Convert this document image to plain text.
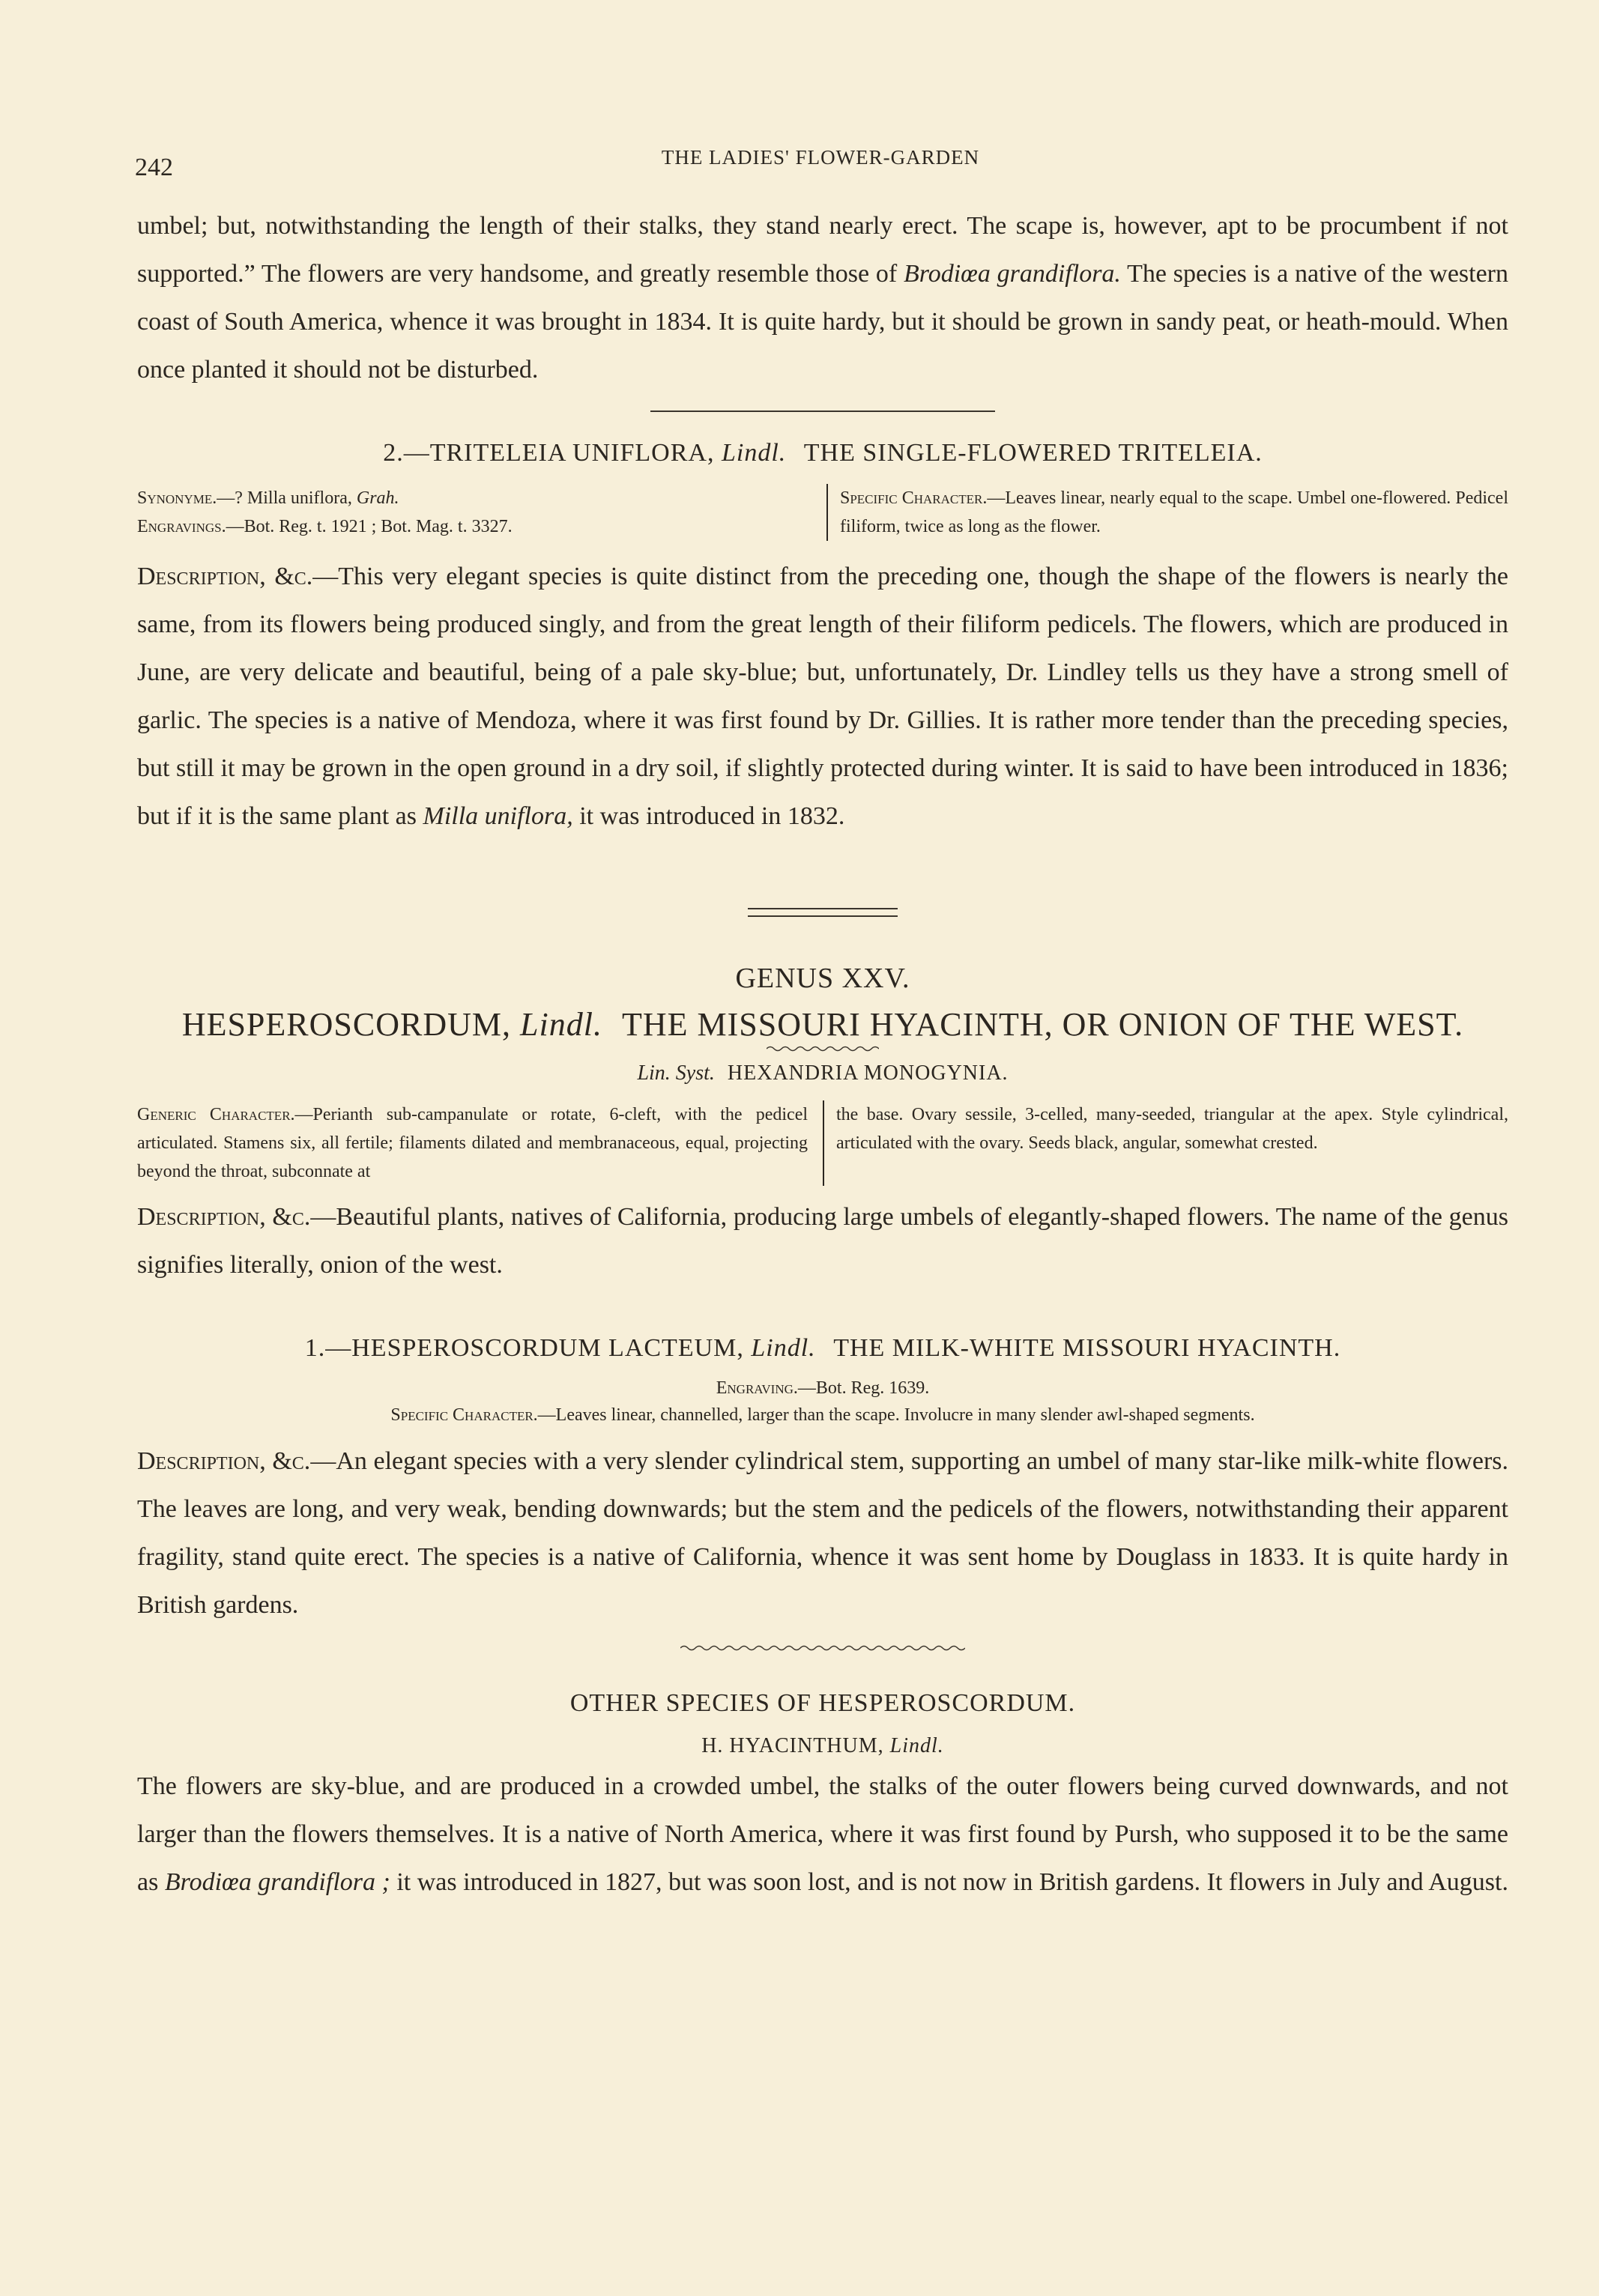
242	THE LADIES' FLOWER-GARDEN

umbel; but, notwithstanding the length of their stalks, they stand nearly erect. The scape is, however, apt to be procumbent if not supported.” The flowers are very handsome, and greatly resemble those of Brodiœa grandiflora. The species is a native of the western coast of South America, whence it was brought in 1834. It is quite hardy, but it should be grown in sandy peat, or heath-mould. When once planted it should not be disturbed.

2.—TRITELEIA UNIFLORA, Lindl. THE SINGLE-FLOWERED TRITELEIA.
Synonyme.—? Milla uniflora, Grah.
Engravings.—Bot. Reg. t. 1921 ; Bot. Mag. t. 3327.
Specific Character.—Leaves linear, nearly equal to the scape. Umbel one-flowered. Pedicel filiform, twice as long as the flower.

Description, &c.—This very elegant species is quite distinct from the preceding one, though the shape of the flowers is nearly the same, from its flowers being produced singly, and from the great length of their filiform pedicels. The flowers, which are produced in June, are very delicate and beautiful, being of a pale sky-blue; but, unfortunately, Dr. Lindley tells us they have a strong smell of garlic. The species is a native of Mendoza, where it was first found by Dr. Gillies. It is rather more tender than the preceding species, but still it may be grown in the open ground in a dry soil, if slightly protected during winter. It is said to have been introduced in 1836; but if it is the same plant as Milla uniflora, it was introduced in 1832.

GENUS XXV.
HESPEROSCORDUM, Lindl. THE MISSOURI HYACINTH, OR ONION OF THE WEST.
Lin. Syst. HEXANDRIA MONOGYNIA.
Generic Character.—Perianth sub-campanulate or rotate, 6-cleft, with the pedicel articulated. Stamens six, all fertile; filaments dilated and membranaceous, equal, projecting beyond the throat, subconnate at
the base. Ovary sessile, 3-celled, many-seeded, triangular at the apex. Style cylindrical, articulated with the ovary. Seeds black, angular, somewhat crested.

Description, &c.—Beautiful plants, natives of California, producing large umbels of elegantly-shaped flowers. The name of the genus signifies literally, onion of the west.

1.—HESPEROSCORDUM LACTEUM, Lindl. THE MILK-WHITE MISSOURI HYACINTH.
Engraving.—Bot. Reg. 1639.
Specific Character.—Leaves linear, channelled, larger than the scape. Involucre in many slender awl-shaped segments.

Description, &c.—An elegant species with a very slender cylindrical stem, supporting an umbel of many star-like milk-white flowers. The leaves are long, and very weak, bending downwards; but the stem and the pedicels of the flowers, notwithstanding their apparent fragility, stand quite erect. The species is a native of California, whence it was sent home by Douglass in 1833. It is quite hardy in British gardens.

OTHER SPECIES OF HESPEROSCORDUM.
H. HYACINTHUM, Lindl.

The flowers are sky-blue, and are produced in a crowded umbel, the stalks of the outer flowers being curved downwards, and not larger than the flowers themselves. It is a native of North America, where it was first found by Pursh, who supposed it to be the same as Brodiœa grandiflora ; it was introduced in 1827, but was soon lost, and is not now in British gardens. It flowers in July and August.
